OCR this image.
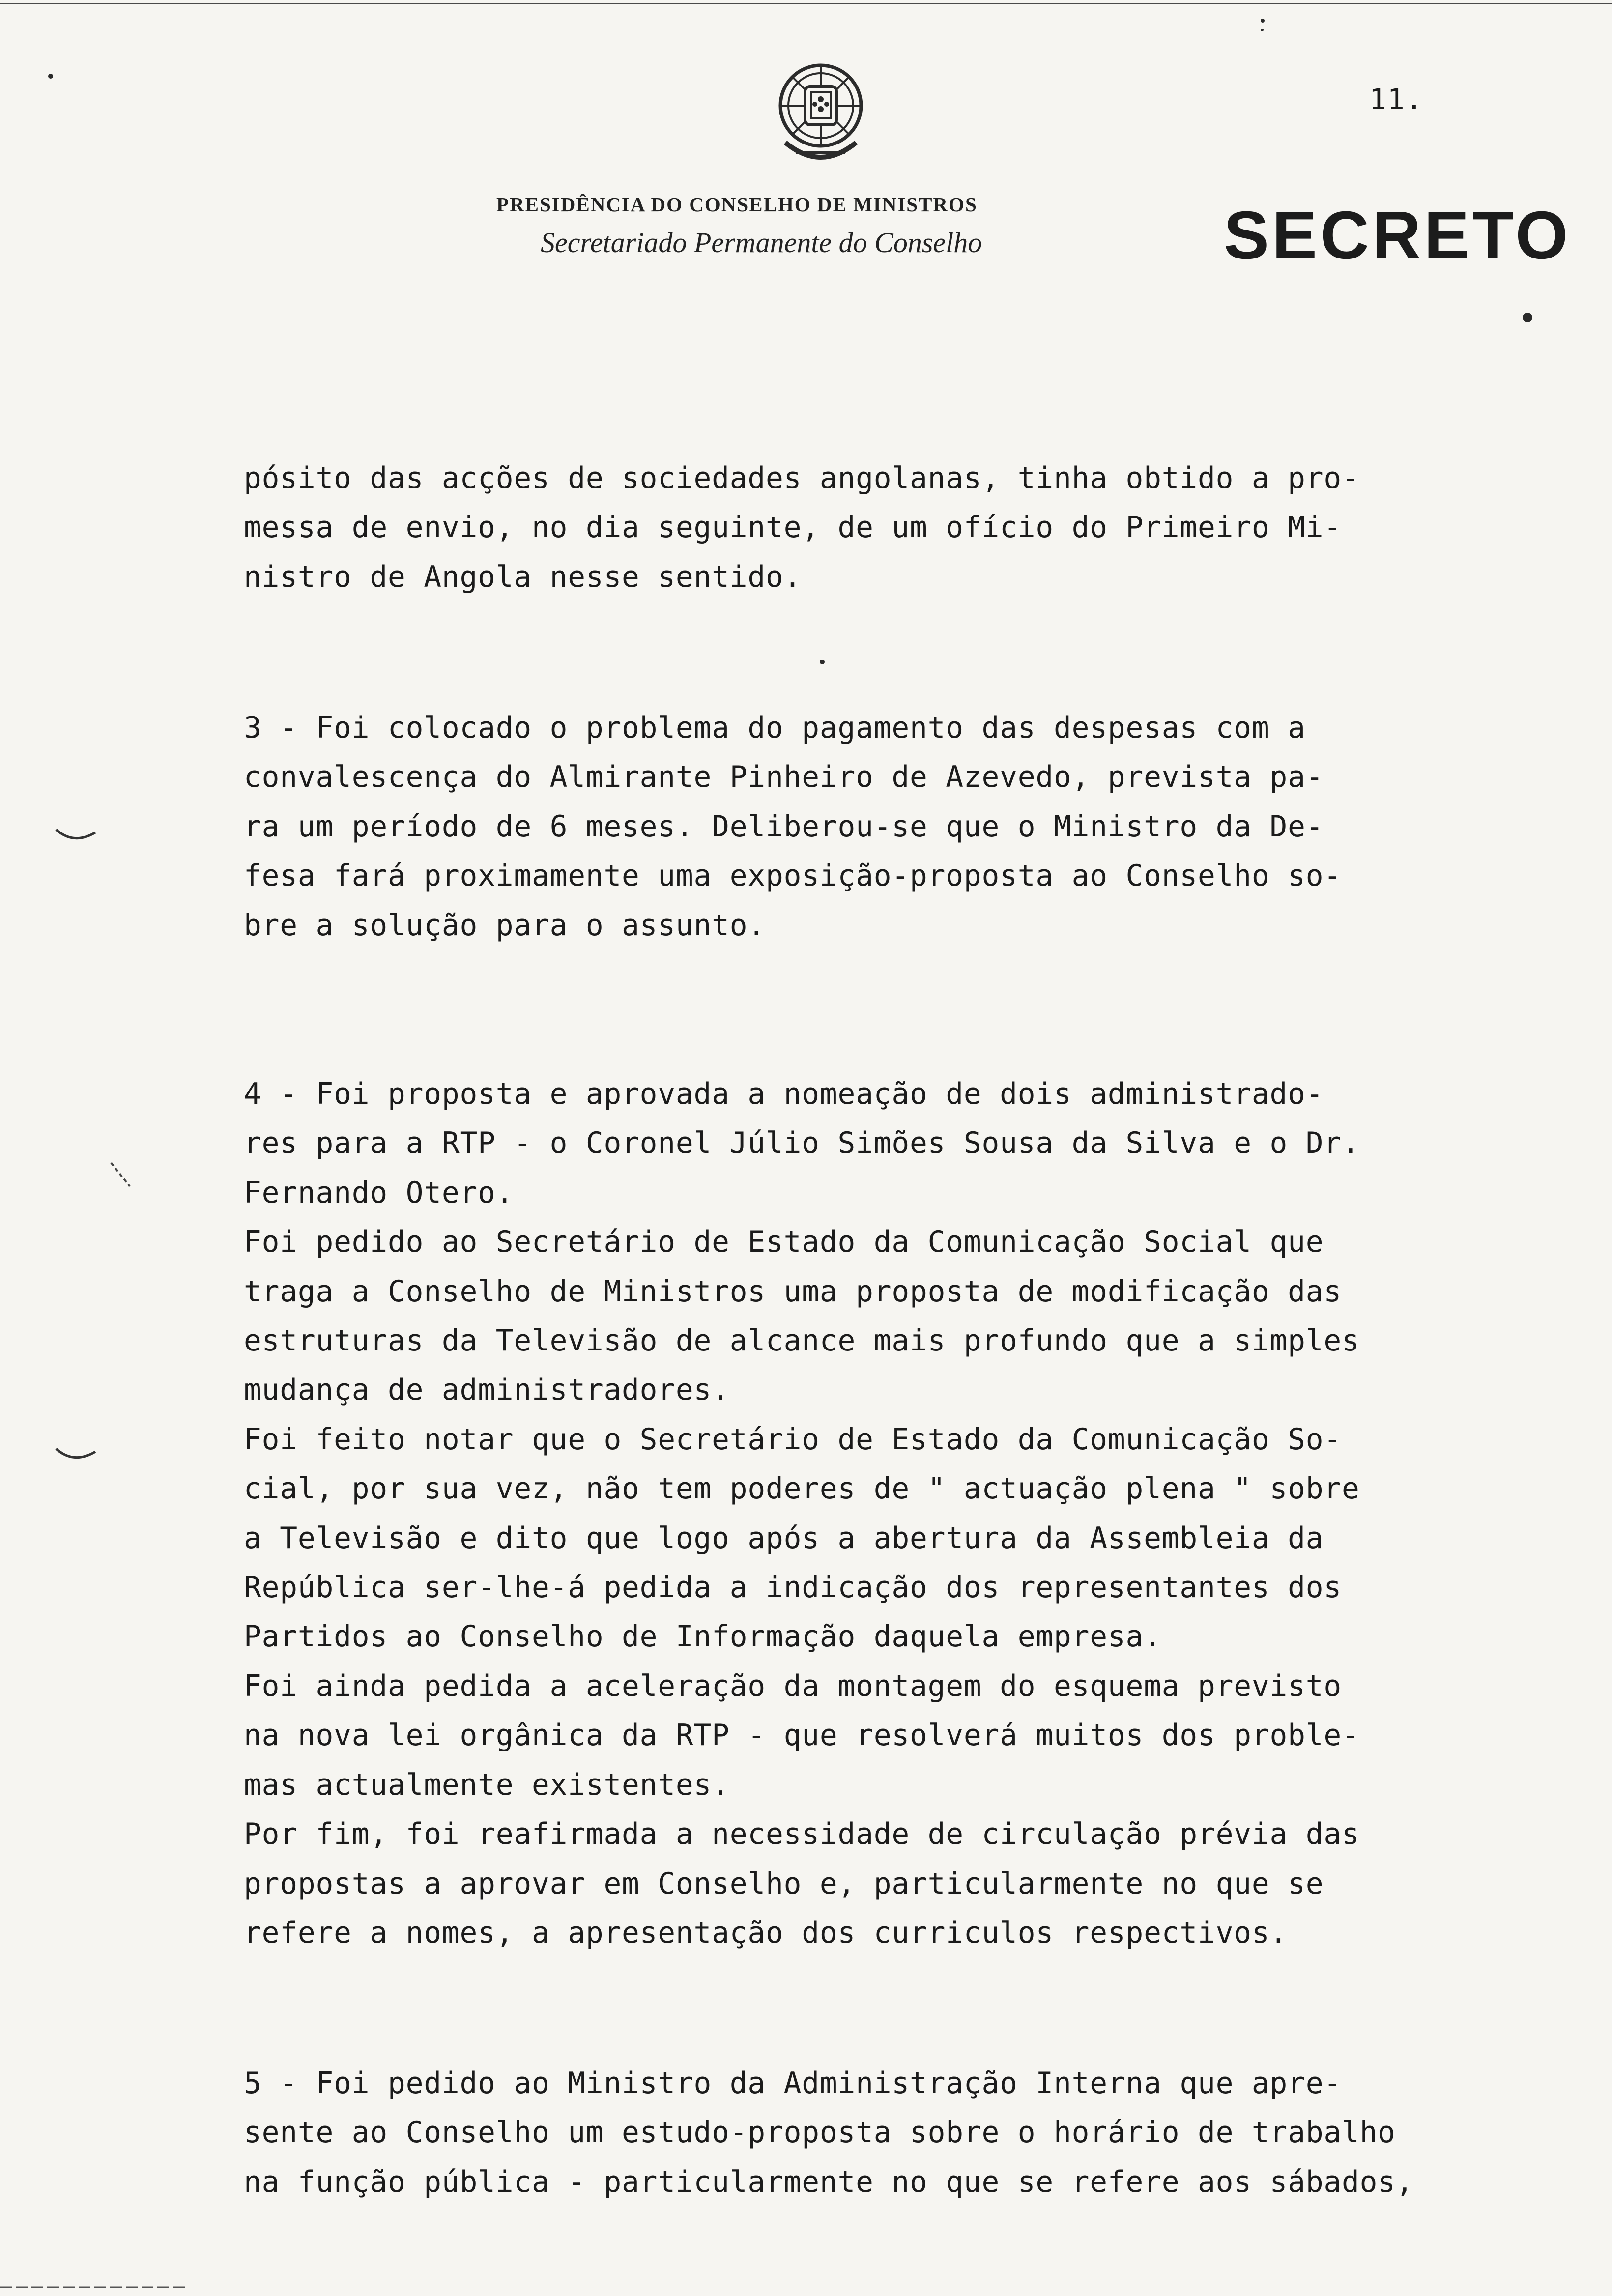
11.
PRESIDÊNCIA DO CONSELHO DE MINISTROS
Secretariado Permanente do Conselho	SECRETO
pósito das acções de sociedades angolanas, tinha obtido a pro-
messa de envio, no dia seguinte, de um ofício do Primeiro Mi-
nistro de Angola nesse sentido.
3 - Foi colocado o problema do pagamento das despesas com a
convalescença do Almirante Pinheiro de Azevedo, prevista pa-
ra um período de 6 meses. Deliberou-se que o Ministro da De-
fesa fará proximamente uma exposição-proposta ao Conselho so-
bre a solução para o assunto.
4 - Foi proposta e aprovada a nomeação de dois administrado-
res para a RTP - o Coronel Júlio Simões Sousa da Silva e o Dr.
Fernando Otero.
Foi pedido ao Secretário de Estado da Comunicação Social que
traga a Conselho de Ministros uma proposta de modificação das
estruturas da Televisão de alcance mais profundo que a simples
mudança de administradores.
Foi feito notar que o Secretário de Estado da Comunicação So-
cial, por sua vez, não tem poderes de " actuação plena " sobre
a Televisão e dito que logo após a abertura da Assembleia da
República ser-lhe-á pedida a indicação dos representantes dos
Partidos ao Conselho de Informação daquela empresa.
Foi ainda pedida a aceleração da montagem do esquema previsto
na nova lei orgânica da RTP - que resolverá muitos dos proble-
mas actualmente existentes.
Por fim, foi reafirmada a necessidade de circulação prévia das
propostas a aprovar em Conselho e, particularmente no que se
refere a nomes, a apresentação dos curriculos respectivos.
5 - Foi pedido ao Ministro da Administração Interna que apre-
sente ao Conselho um estudo-proposta sobre o horário de trabalho
na função pública - particularmente no que se refere aos sábados,
